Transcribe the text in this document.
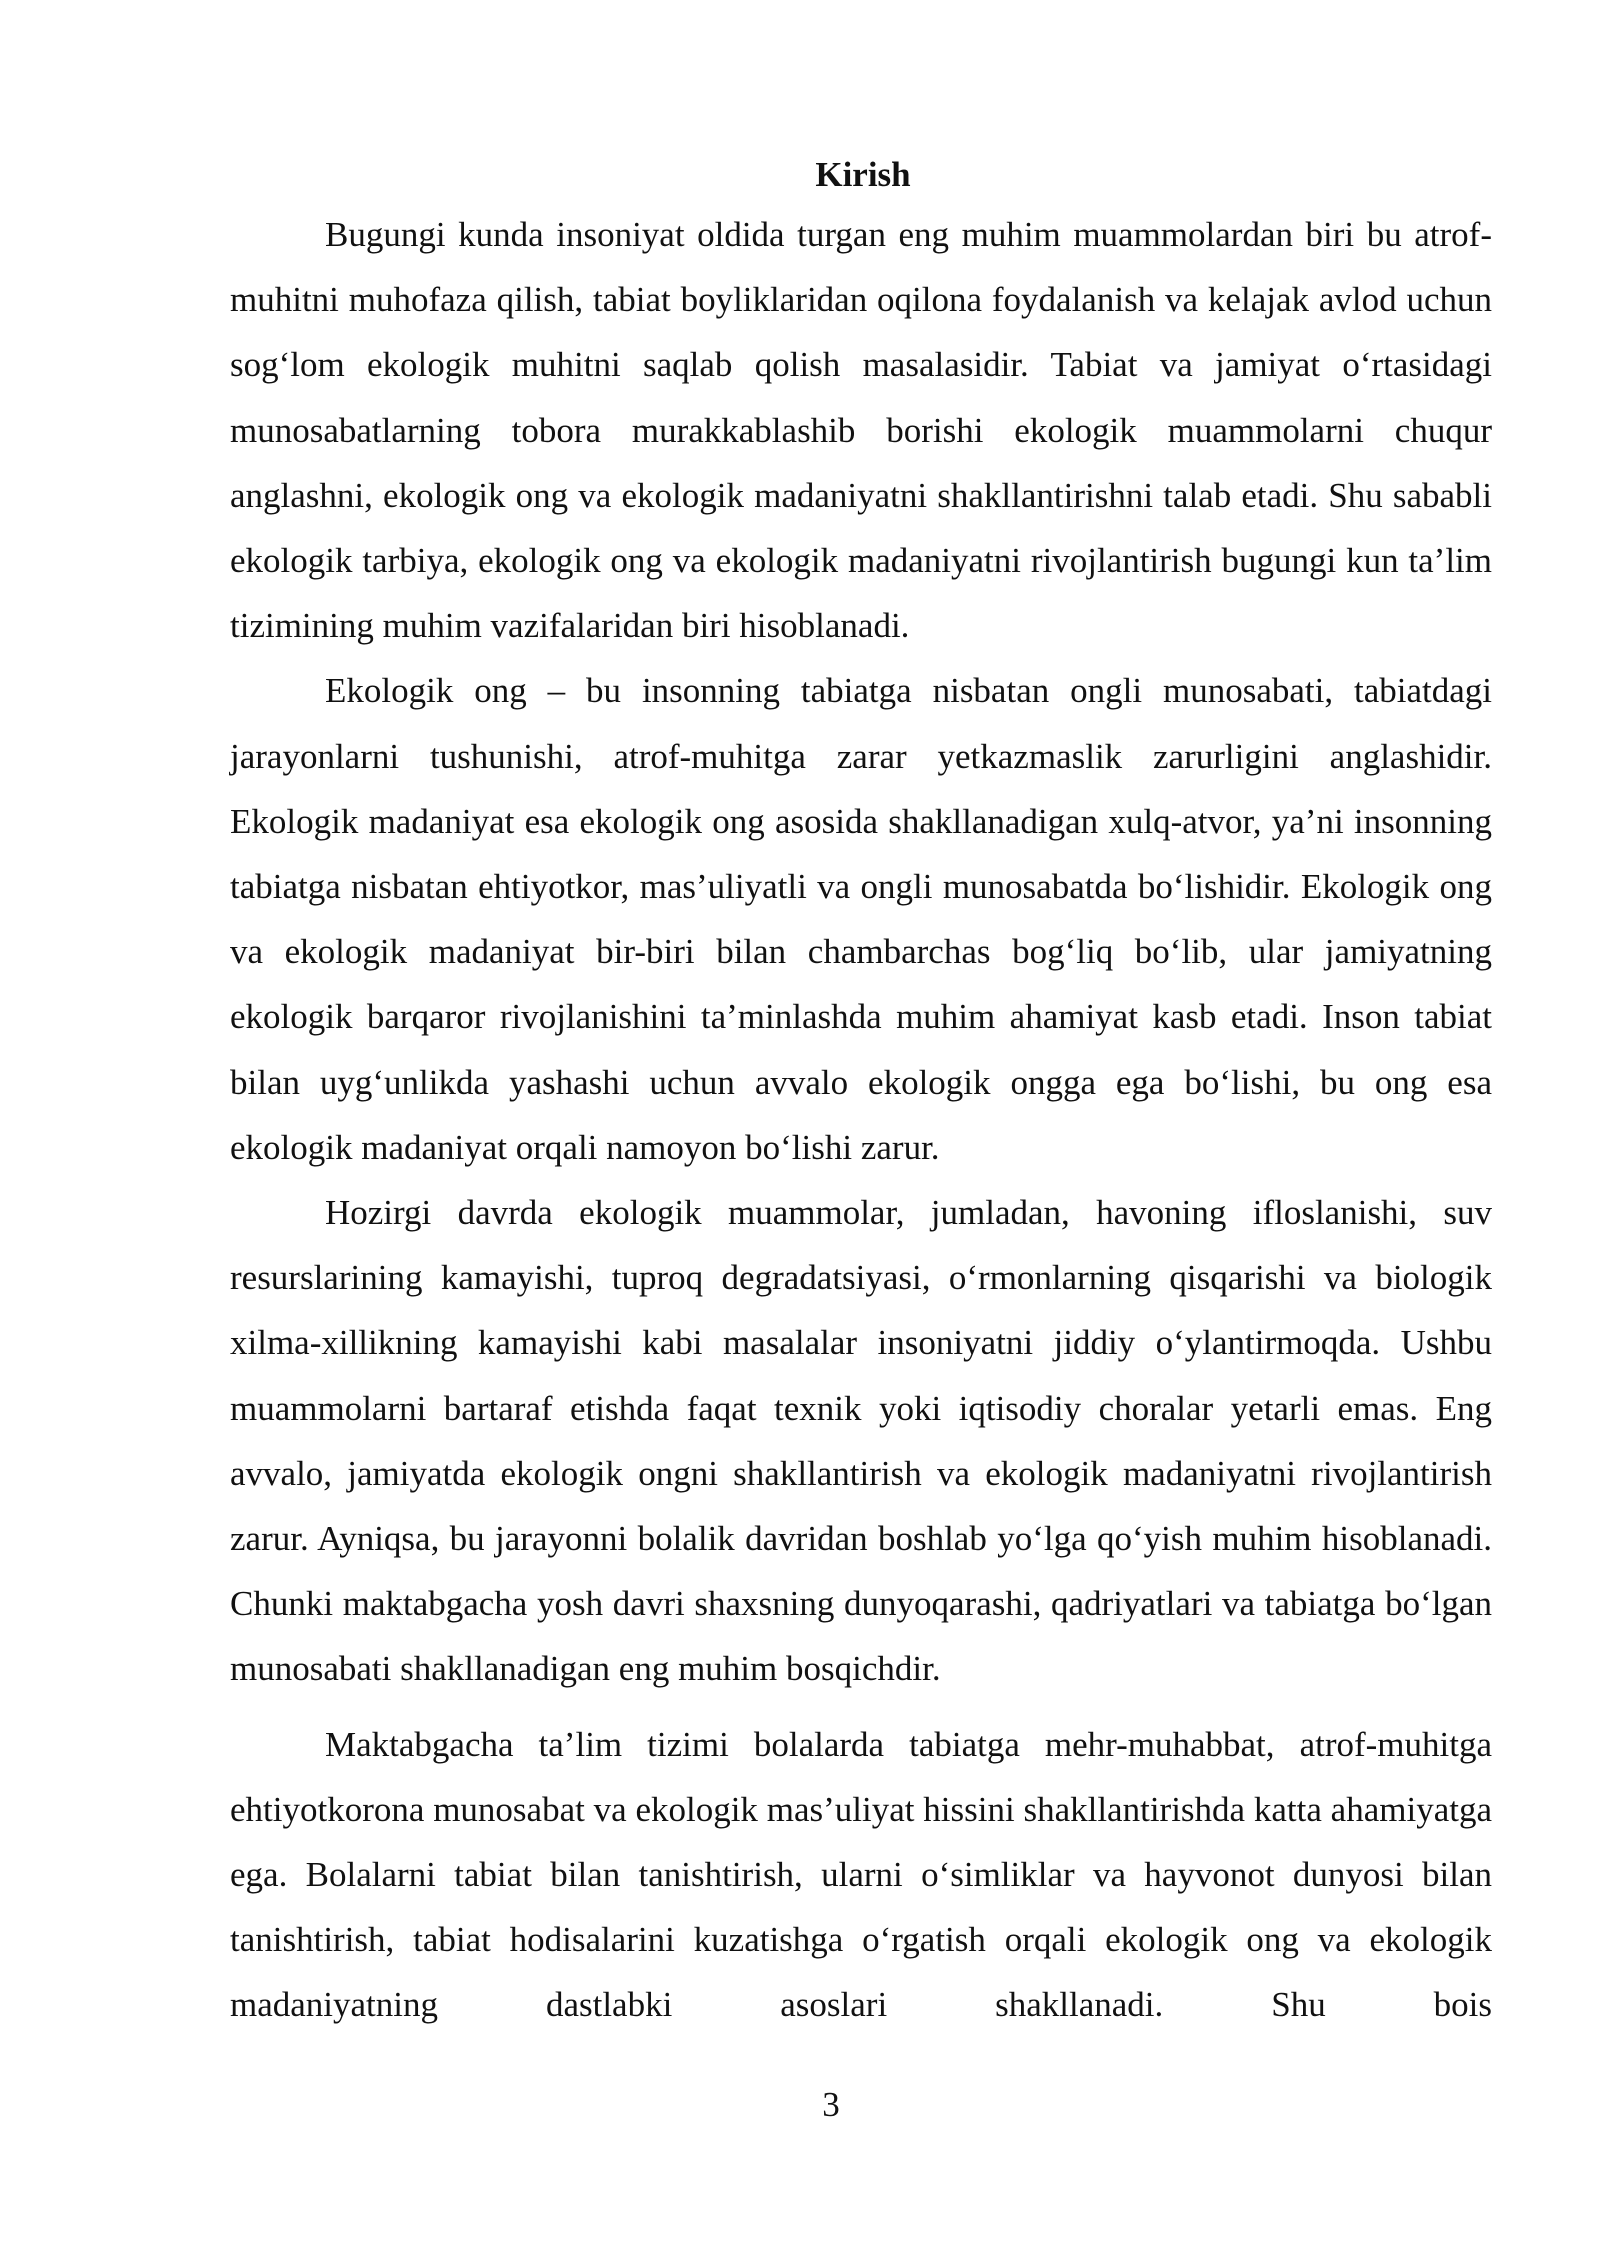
Kirish

Bugungi kunda insoniyat oldida turgan eng muhim muammolardan biri bu atrof-muhitni muhofaza qilish, tabiat boyliklaridan oqilona foydalanish va kelajak avlod uchun sog‘lom ekologik muhitni saqlab qolish masalasidir. Tabiat va jamiyat o‘rtasidagi munosabatlarning tobora murakkablashib borishi ekologik muammolarni chuqur anglashni, ekologik ong va ekologik madaniyatni shakllantirishni talab etadi. Shu sababli ekologik tarbiya, ekologik ong va ekologik madaniyatni rivojlantirish bugungi kun ta’lim tizimining muhim vazifalaridan biri hisoblanadi.

Ekologik ong – bu insonning tabiatga nisbatan ongli munosabati, tabiatdagi jarayonlarni tushunishi, atrof-muhitga zarar yetkazmaslik zarurligini anglashidir. Ekologik madaniyat esa ekologik ong asosida shakllanadigan xulq-atvor, ya’ni insonning tabiatga nisbatan ehtiyotkor, mas’uliyatli va ongli munosabatda bo‘lishidir. Ekologik ong va ekologik madaniyat bir-biri bilan chambarchas bog‘liq bo‘lib, ular jamiyatning ekologik barqaror rivojlanishini ta’minlashda muhim ahamiyat kasb etadi. Inson tabiat bilan uyg‘unlikda yashashi uchun avvalo ekologik ongga ega bo‘lishi, bu ong esa ekologik madaniyat orqali namoyon bo‘lishi zarur.

Hozirgi davrda ekologik muammolar, jumladan, havoning ifloslanishi, suv resurslarining kamayishi, tuproq degradatsiyasi, o‘rmonlarning qisqarishi va biologik xilma-xillikning kamayishi kabi masalalar insoniyatni jiddiy o‘ylantirmoqda. Ushbu muammolarni bartaraf etishda faqat texnik yoki iqtisodiy choralar yetarli emas. Eng avvalo, jamiyatda ekologik ongni shakllantirish va ekologik madaniyatni rivojlantirish zarur. Ayniqsa, bu jarayonni bolalik davridan boshlab yo‘lga qo‘yish muhim hisoblanadi. Chunki maktabgacha yosh davri shaxsning dunyoqarashi, qadriyatlari va tabiatga bo‘lgan munosabati shakllanadigan eng muhim bosqichdir.

Maktabgacha ta’lim tizimi bolalarda tabiatga mehr-muhabbat, atrof-muhitga ehtiyotkorona munosabat va ekologik mas’uliyat hissini shakllantirishda katta ahamiyatga ega. Bolalarni tabiat bilan tanishtirish, ularni o‘simliklar va hayvonot dunyosi bilan tanishtirish, tabiat hodisalarini kuzatishga o‘rgatish orqali ekologik ong va ekologik madaniyatning dastlabki asoslari shakllanadi. Shu bois

3
